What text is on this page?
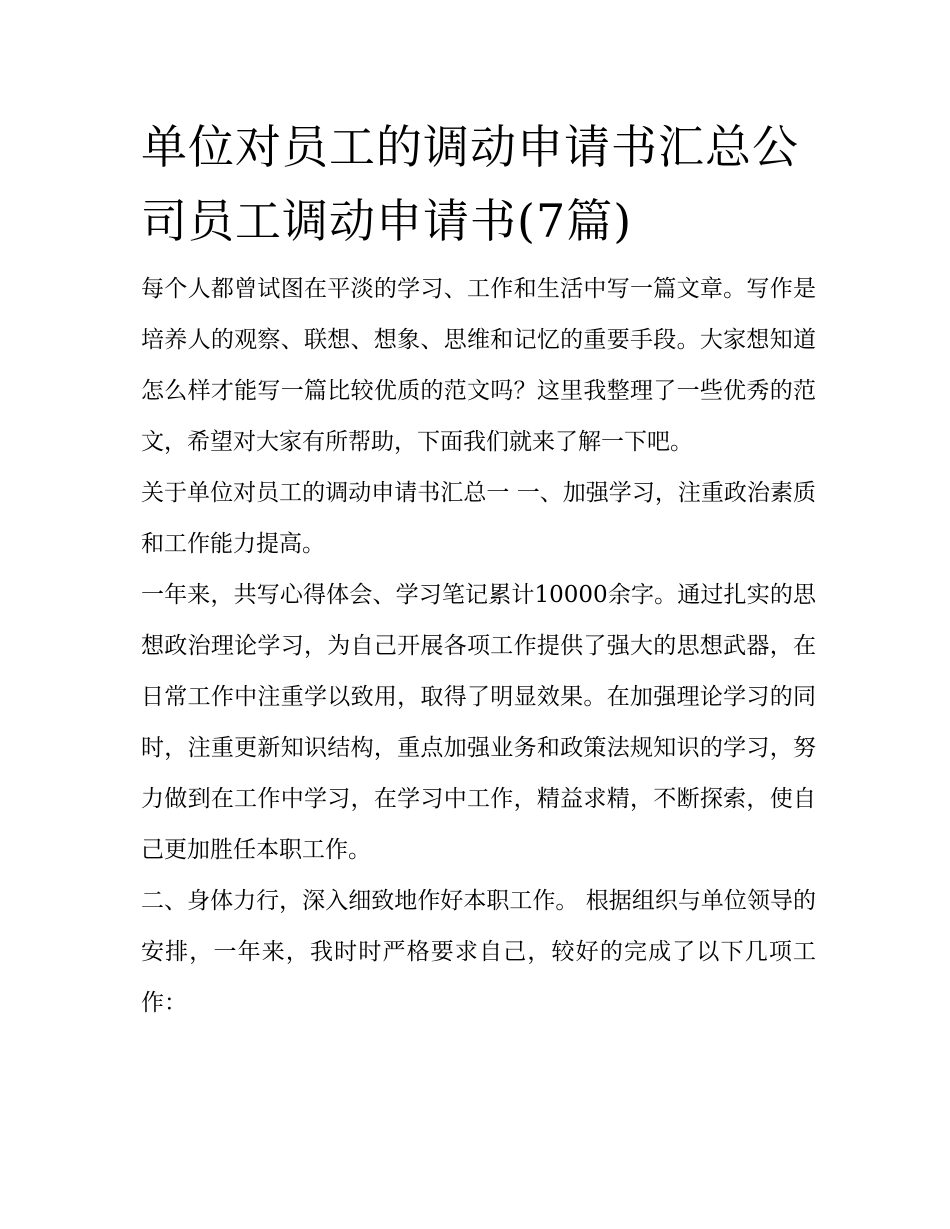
单位对员工的调动申请书汇总公司员工调动申请书(7篇)

每个人都曾试图在平淡的学习、工作和生活中写一篇文章。写作是培养人的观察、联想、想象、思维和记忆的重要手段。大家想知道怎么样才能写一篇比较优质的范文吗？这里我整理了一些优秀的范文，希望对大家有所帮助，下面我们就来了解一下吧。

关于单位对员工的调动申请书汇总一 一、加强学习，注重政治素质和工作能力提高。

一年来，共写心得体会、学习笔记累计10000余字。通过扎实的思想政治理论学习，为自己开展各项工作提供了强大的思想武器，在日常工作中注重学以致用，取得了明显效果。在加强理论学习的同时，注重更新知识结构，重点加强业务和政策法规知识的学习，努力做到在工作中学习，在学习中工作，精益求精，不断探索，使自己更加胜任本职工作。

二、身体力行，深入细致地作好本职工作。 根据组织与单位领导的安排，一年来，我时时严格要求自己，较好的完成了以下几项工作：
